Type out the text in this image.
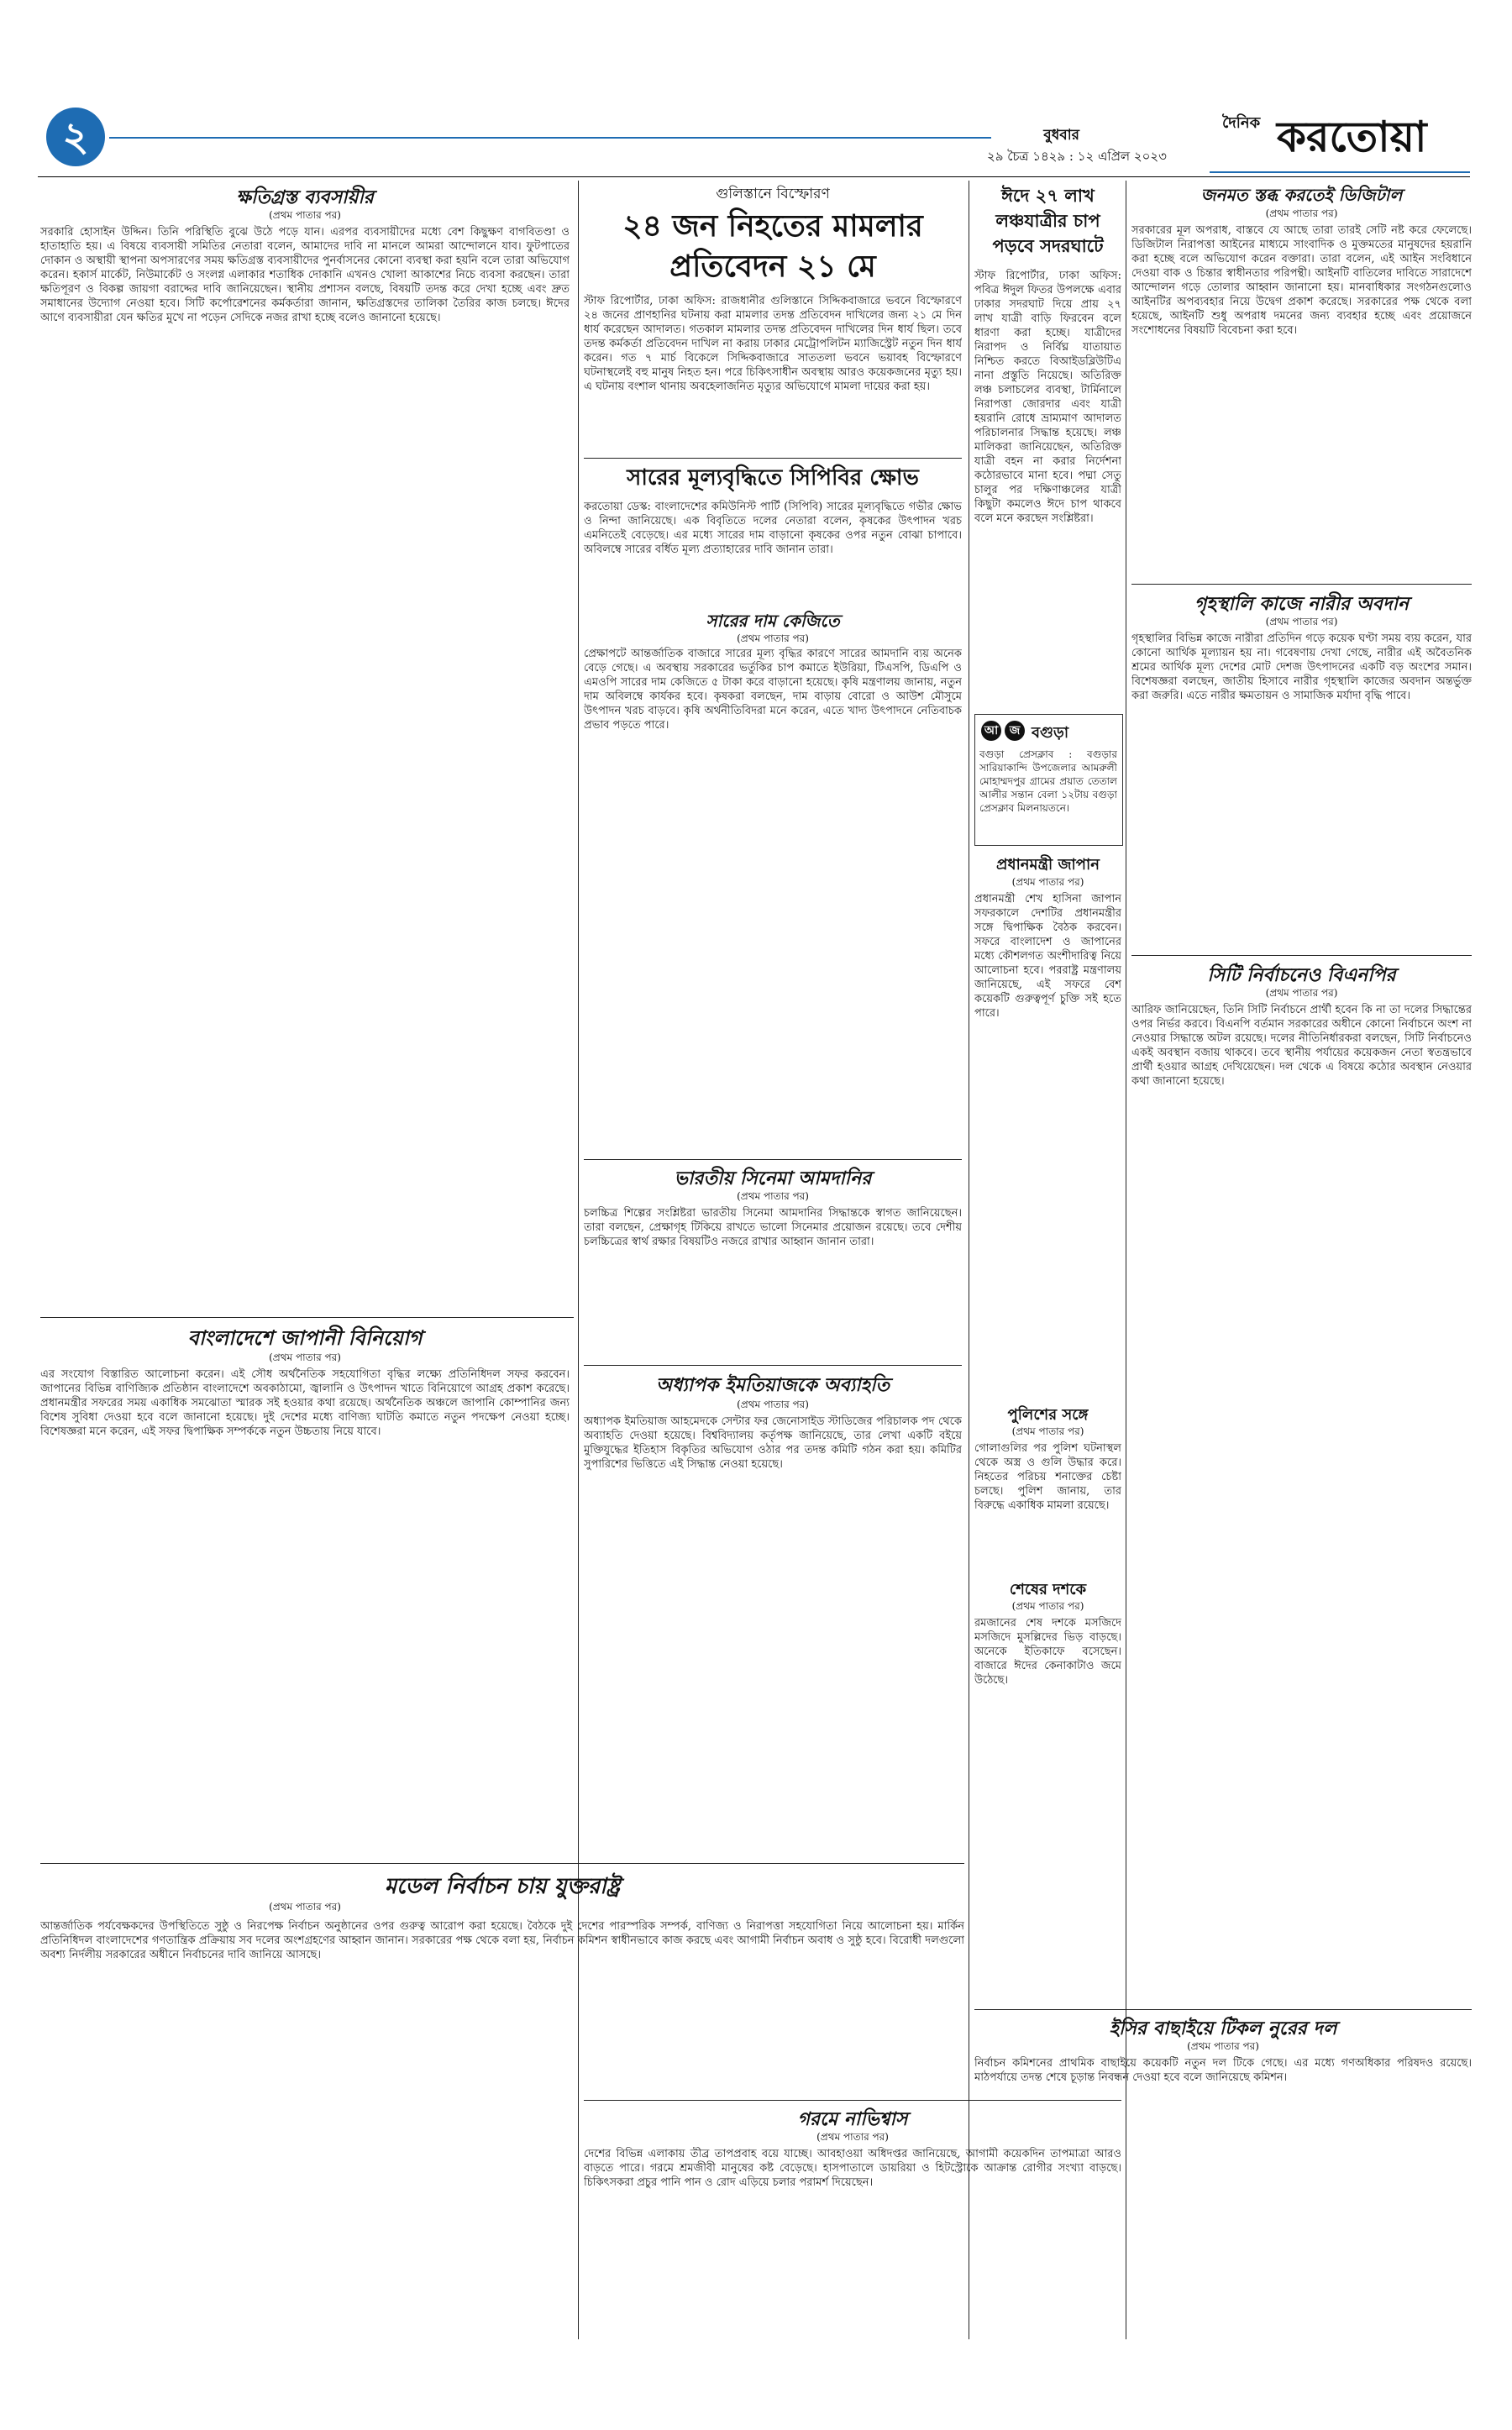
২	বুধবার
২৯ চৈত্র ১৪২৯ : ১২ এপ্রিল ২০২৩
দৈনিক করতোয়া
ক্ষতিগ্রস্ত ব্যবসায়ীর
(প্রথম পাতার পর)
সরকারি হোসাইন উদ্দিন। তিনি পরিস্থিতি বুঝে উঠে পড়ে যান। এরপর ব্যবসায়ীদের মধ্যে বেশ কিছুক্ষণ বাগবিতণ্ডা ও হাতাহাতি হয়। এ বিষয়ে ব্যবসায়ী সমিতির নেতারা বলেন, আমাদের দাবি না মানলে আমরা আন্দোলনে যাব। ফুটপাতের দোকান ও অস্থায়ী স্থাপনা অপসারণের সময় ক্ষতিগ্রস্ত ব্যবসায়ীদের পুনর্বাসনের কোনো ব্যবস্থা করা হয়নি বলে তারা অভিযোগ করেন। হকার্স মার্কেট, নিউমার্কেট ও সংলগ্ন এলাকার শতাধিক দোকানি এখনও খোলা আকাশের নিচে ব্যবসা করছেন। তারা ক্ষতিপূরণ ও বিকল্প জায়গা বরাদ্দের দাবি জানিয়েছেন। স্থানীয় প্রশাসন বলছে, বিষয়টি তদন্ত করে দেখা হচ্ছে এবং দ্রুত সমাধানের উদ্যোগ নেওয়া হবে। সিটি কর্পোরেশনের কর্মকর্তারা জানান, ক্ষতিগ্রস্তদের তালিকা তৈরির কাজ চলছে। ঈদের আগে ব্যবসায়ীরা যেন ক্ষতির মুখে না পড়েন সেদিকে নজর রাখা হচ্ছে বলেও জানানো হয়েছে।
বাংলাদেশে জাপানী বিনিয়োগ
(প্রথম পাতার পর)
এর সংযোগ বিস্তারিত আলোচনা করেন। এই সৌধ অর্থনৈতিক সহযোগিতা বৃদ্ধির লক্ষ্যে প্রতিনিধিদল সফর করবেন। জাপানের বিভিন্ন বাণিজ্যিক প্রতিষ্ঠান বাংলাদেশে অবকাঠামো, জ্বালানি ও উৎপাদন খাতে বিনিয়োগে আগ্রহ প্রকাশ করেছে। প্রধানমন্ত্রীর সফরের সময় একাধিক সমঝোতা স্মারক সই হওয়ার কথা রয়েছে। অর্থনৈতিক অঞ্চলে জাপানি কোম্পানির জন্য বিশেষ সুবিধা দেওয়া হবে বলে জানানো হয়েছে। দুই দেশের মধ্যে বাণিজ্য ঘাটতি কমাতে নতুন পদক্ষেপ নেওয়া হচ্ছে। বিশেষজ্ঞরা মনে করেন, এই সফর দ্বিপাক্ষিক সম্পর্ককে নতুন উচ্চতায় নিয়ে যাবে।
মডেল নির্বাচন চায় যুক্তরাষ্ট্র
(প্রথম পাতার পর)
আন্তর্জাতিক পর্যবেক্ষকদের উপস্থিতিতে সুষ্ঠু ও নিরপেক্ষ নির্বাচন অনুষ্ঠানের ওপর গুরুত্ব আরোপ করা হয়েছে। বৈঠকে দুই দেশের পারস্পরিক সম্পর্ক, বাণিজ্য ও নিরাপত্তা সহযোগিতা নিয়ে আলোচনা হয়। মার্কিন প্রতিনিধিদল বাংলাদেশের গণতান্ত্রিক প্রক্রিয়ায় সব দলের অংশগ্রহণের আহ্বান জানান। সরকারের পক্ষ থেকে বলা হয়, নির্বাচন কমিশন স্বাধীনভাবে কাজ করছে এবং আগামী নির্বাচন অবাধ ও সুষ্ঠু হবে। বিরোধী দলগুলো অবশ্য নির্দলীয় সরকারের অধীনে নির্বাচনের দাবি জানিয়ে আসছে।
গুলিস্তানে বিস্ফোরণ
২৪ জন নিহতের মামলার প্রতিবেদন ২১ মে
স্টাফ রিপোর্টার, ঢাকা অফিস: রাজধানীর গুলিস্তানে সিদ্দিকবাজারে ভবনে বিস্ফোরণে ২৪ জনের প্রাণহানির ঘটনায় করা মামলার তদন্ত প্রতিবেদন দাখিলের জন্য ২১ মে দিন ধার্য করেছেন আদালত। গতকাল মামলার তদন্ত প্রতিবেদন দাখিলের দিন ধার্য ছিল। তবে তদন্ত কর্মকর্তা প্রতিবেদন দাখিল না করায় ঢাকার মেট্রোপলিটন ম্যাজিস্ট্রেট নতুন দিন ধার্য করেন। গত ৭ মার্চ বিকেলে সিদ্দিকবাজারে সাততলা ভবনে ভয়াবহ বিস্ফোরণে ঘটনাস্থলেই বহু মানুষ নিহত হন। পরে চিকিৎসাধীন অবস্থায় আরও কয়েকজনের মৃত্যু হয়। এ ঘটনায় বংশাল থানায় অবহেলাজনিত মৃত্যুর অভিযোগে মামলা দায়ের করা হয়।
সারের মূল্যবৃদ্ধিতে সিপিবির ক্ষোভ
করতোয়া ডেস্ক: বাংলাদেশের কমিউনিস্ট পার্টি (সিপিবি) সারের মূল্যবৃদ্ধিতে গভীর ক্ষোভ ও নিন্দা জানিয়েছে। এক বিবৃতিতে দলের নেতারা বলেন, কৃষকের উৎপাদন খরচ এমনিতেই বেড়েছে। এর মধ্যে সারের দাম বাড়ানো কৃষকের ওপর নতুন বোঝা চাপাবে। অবিলম্বে সারের বর্ধিত মূল্য প্রত্যাহারের দাবি জানান তারা।
সারের দাম কেজিতে
(প্রথম পাতার পর)
প্রেক্ষাপটে আন্তর্জাতিক বাজারে সারের মূল্য বৃদ্ধির কারণে সারের আমদানি ব্যয় অনেক বেড়ে গেছে। এ অবস্থায় সরকারের ভর্তুকির চাপ কমাতে ইউরিয়া, টিএসপি, ডিএপি ও এমওপি সারের দাম কেজিতে ৫ টাকা করে বাড়ানো হয়েছে। কৃষি মন্ত্রণালয় জানায়, নতুন দাম অবিলম্বে কার্যকর হবে। কৃষকরা বলছেন, দাম বাড়ায় বোরো ও আউশ মৌসুমে উৎপাদন খরচ বাড়বে। কৃষি অর্থনীতিবিদরা মনে করেন, এতে খাদ্য উৎপাদনে নেতিবাচক প্রভাব পড়তে পারে।
ভারতীয় সিনেমা আমদানির
(প্রথম পাতার পর)
চলচ্চিত্র শিল্পের সংশ্লিষ্টরা ভারতীয় সিনেমা আমদানির সিদ্ধান্তকে স্বাগত জানিয়েছেন। তারা বলছেন, প্রেক্ষাগৃহ টিকিয়ে রাখতে ভালো সিনেমার প্রয়োজন রয়েছে। তবে দেশীয় চলচ্চিত্রের স্বার্থ রক্ষার বিষয়টিও নজরে রাখার আহ্বান জানান তারা।
অধ্যাপক ইমতিয়াজকে অব্যাহতি
(প্রথম পাতার পর)
অধ্যাপক ইমতিয়াজ আহমেদকে সেন্টার ফর জেনোসাইড স্টাডিজের পরিচালক পদ থেকে অব্যাহতি দেওয়া হয়েছে। বিশ্ববিদ্যালয় কর্তৃপক্ষ জানিয়েছে, তার লেখা একটি বইয়ে মুক্তিযুদ্ধের ইতিহাস বিকৃতির অভিযোগ ওঠার পর তদন্ত কমিটি গঠন করা হয়। কমিটির সুপারিশের ভিত্তিতে এই সিদ্ধান্ত নেওয়া হয়েছে।
গরমে নাভিশ্বাস
(প্রথম পাতার পর)
দেশের বিভিন্ন এলাকায় তীব্র তাপপ্রবাহ বয়ে যাচ্ছে। আবহাওয়া অধিদপ্তর জানিয়েছে, আগামী কয়েকদিন তাপমাত্রা আরও বাড়তে পারে। গরমে শ্রমজীবী মানুষের কষ্ট বেড়েছে। হাসপাতালে ডায়রিয়া ও হিটস্ট্রোকে আক্রান্ত রোগীর সংখ্যা বাড়ছে। চিকিৎসকরা প্রচুর পানি পান ও রোদ এড়িয়ে চলার পরামর্শ দিয়েছেন।
ঈদে ২৭ লাখ লঞ্চযাত্রীর চাপ পড়বে সদরঘাটে
স্টাফ রিপোর্টার, ঢাকা অফিস: পবিত্র ঈদুল ফিতর উপলক্ষে এবার ঢাকার সদরঘাট দিয়ে প্রায় ২৭ লাখ যাত্রী বাড়ি ফিরবেন বলে ধারণা করা হচ্ছে। যাত্রীদের নিরাপদ ও নির্বিঘ্ন যাতায়াত নিশ্চিত করতে বিআইডব্লিউটিএ নানা প্রস্তুতি নিয়েছে। অতিরিক্ত লঞ্চ চলাচলের ব্যবস্থা, টার্মিনালে নিরাপত্তা জোরদার এবং যাত্রী হয়রানি রোধে ভ্রাম্যমাণ আদালত পরিচালনার সিদ্ধান্ত হয়েছে। লঞ্চ মালিকরা জানিয়েছেন, অতিরিক্ত যাত্রী বহন না করার নির্দেশনা কঠোরভাবে মানা হবে। পদ্মা সেতু চালুর পর দক্ষিণাঞ্চলের যাত্রী কিছুটা কমলেও ঈদে চাপ থাকবে বলে মনে করছেন সংশ্লিষ্টরা।
আ জ বগুড়া
বগুড়া প্রেসক্লাব : বগুড়ার সারিয়াকান্দি উপজেলার আমরুলী মোহাম্মদপুর গ্রামের প্রয়াত তেতাল আলীর সন্তান বেলা ১২টায় বগুড়া প্রেসক্লাব মিলনায়তনে।
প্রধানমন্ত্রী জাপান
(প্রথম পাতার পর)
প্রধানমন্ত্রী শেখ হাসিনা জাপান সফরকালে দেশটির প্রধানমন্ত্রীর সঙ্গে দ্বিপাক্ষিক বৈঠক করবেন। সফরে বাংলাদেশ ও জাপানের মধ্যে কৌশলগত অংশীদারিত্ব নিয়ে আলোচনা হবে। পররাষ্ট্র মন্ত্রণালয় জানিয়েছে, এই সফরে বেশ কয়েকটি গুরুত্বপূর্ণ চুক্তি সই হতে পারে।
পুলিশের সঙ্গে
(প্রথম পাতার পর)
গোলাগুলির পর পুলিশ ঘটনাস্থল থেকে অস্ত্র ও গুলি উদ্ধার করে। নিহতের পরিচয় শনাক্তের চেষ্টা চলছে। পুলিশ জানায়, তার বিরুদ্ধে একাধিক মামলা রয়েছে।
শেষের দশকে
(প্রথম পাতার পর)
রমজানের শেষ দশকে মসজিদে মসজিদে মুসল্লিদের ভিড় বাড়ছে। অনেকে ইতিকাফে বসেছেন। বাজারে ঈদের কেনাকাটাও জমে উঠেছে।
জনমত স্তব্ধ করতেই ডিজিটাল
(প্রথম পাতার পর)
সরকারের মূল অপরাধ, বাস্তবে যে আছে তারা তারই সেটি নষ্ট করে ফেলেছে। ডিজিটাল নিরাপত্তা আইনের মাধ্যমে সাংবাদিক ও মুক্তমতের মানুষদের হয়রানি করা হচ্ছে বলে অভিযোগ করেন বক্তারা। তারা বলেন, এই আইন সংবিধানে দেওয়া বাক ও চিন্তার স্বাধীনতার পরিপন্থী। আইনটি বাতিলের দাবিতে সারাদেশে আন্দোলন গড়ে তোলার আহ্বান জানানো হয়। মানবাধিকার সংগঠনগুলোও আইনটির অপব্যবহার নিয়ে উদ্বেগ প্রকাশ করেছে। সরকারের পক্ষ থেকে বলা হয়েছে, আইনটি শুধু অপরাধ দমনের জন্য ব্যবহার হচ্ছে এবং প্রয়োজনে সংশোধনের বিষয়টি বিবেচনা করা হবে।
গৃহস্থালি কাজে নারীর অবদান
(প্রথম পাতার পর)
গৃহস্থালির বিভিন্ন কাজে নারীরা প্রতিদিন গড়ে কয়েক ঘণ্টা সময় ব্যয় করেন, যার কোনো আর্থিক মূল্যায়ন হয় না। গবেষণায় দেখা গেছে, নারীর এই অবৈতনিক শ্রমের আর্থিক মূল্য দেশের মোট দেশজ উৎপাদনের একটি বড় অংশের সমান। বিশেষজ্ঞরা বলছেন, জাতীয় হিসাবে নারীর গৃহস্থালি কাজের অবদান অন্তর্ভুক্ত করা জরুরি। এতে নারীর ক্ষমতায়ন ও সামাজিক মর্যাদা বৃদ্ধি পাবে।
সিটি নির্বাচনেও বিএনপির
(প্রথম পাতার পর)
আরিফ জানিয়েছেন, তিনি সিটি নির্বাচনে প্রার্থী হবেন কি না তা দলের সিদ্ধান্তের ওপর নির্ভর করবে। বিএনপি বর্তমান সরকারের অধীনে কোনো নির্বাচনে অংশ না নেওয়ার সিদ্ধান্তে অটল রয়েছে। দলের নীতিনির্ধারকরা বলছেন, সিটি নির্বাচনেও একই অবস্থান বজায় থাকবে। তবে স্থানীয় পর্যায়ের কয়েকজন নেতা স্বতন্ত্রভাবে প্রার্থী হওয়ার আগ্রহ দেখিয়েছেন। দল থেকে এ বিষয়ে কঠোর অবস্থান নেওয়ার কথা জানানো হয়েছে।
ইসির বাছাইয়ে টিকল নুরের দল
(প্রথম পাতার পর)
নির্বাচন কমিশনের প্রাথমিক বাছাইয়ে কয়েকটি নতুন দল টিকে গেছে। এর মধ্যে গণঅধিকার পরিষদও রয়েছে। মাঠপর্যায়ে তদন্ত শেষে চূড়ান্ত নিবন্ধন দেওয়া হবে বলে জানিয়েছে কমিশন।
